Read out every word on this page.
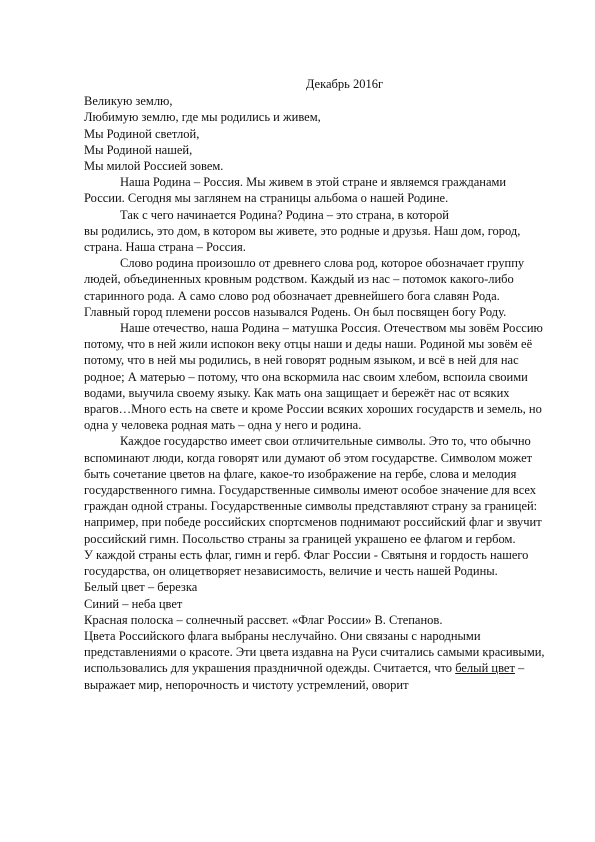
Декабрь 2016г
Великую землю,
Любимую землю, где мы родились и живем,
Мы Родиной светлой,
Мы Родиной нашей,
Мы милой Россией зовем.

Наша Родина – Россия. Мы живем в этой стране и являемся гражданами России. Сегодня мы заглянем на страницы альбома о нашей Родине.

Так с чего начинается Родина? Родина – это страна, в которой

вы родились, это дом, в котором вы живете, это родные и друзья. Наш дом, город, страна. Наша страна – Россия.

Слово родина произошло от древнего слова род, которое обозначает группу людей, объединенных кровным родством. Каждый из нас – потомок какого-либо старинного рода. А само слово род обозначает древнейшего бога славян Рода. Главный город племени россов назывался Родень. Он был посвящен богу Роду.

Наше отечество, наша Родина – матушка Россия. Отечеством мы зовём Россию потому, что в ней жили испокон веку отцы наши и деды наши. Родиной мы зовём её потому, что в ней мы родились, в ней говорят родным языком, и всё в ней для нас родное; А матерью – потому, что она вскормила нас своим хлебом, вспоила своими водами, выучила своему языку. Как мать она защищает и бережёт нас от всяких врагов…Много есть на свете и кроме России всяких хороших государств и земель, но одна у человека родная мать – одна у него и родина.

Каждое государство имеет свои отличительные символы. Это то, что обычно вспоминают люди, когда говорят или думают об этом государстве. Символом может быть сочетание цветов на флаге, какое-то изображение на гербе, слова и мелодия государственного гимна. Государственные символы имеют особое значение для всех граждан одной страны. Государственные символы представляют страну за границей: например, при победе российских спортсменов поднимают российский флаг и звучит российский гимн. Посольство страны за границей украшено ее флагом и гербом.

У каждой страны есть флаг, гимн и герб. Флаг России - Святыня и гордость нашего государства, он олицетворяет независимость, величие и честь нашей Родины.

Белый цвет – березка

Синий – неба цвет

Красная полоска – солнечный рассвет. «Флаг России» В. Степанов.

Цвета Российского флага выбраны неслучайно. Они связаны с народными представлениями о красоте. Эти цвета издавна на Руси считались самыми красивыми, использовались для украшения праздничной одежды. Считается, что белый цвет – выражает мир, непорочность и чистоту устремлений, оворит
